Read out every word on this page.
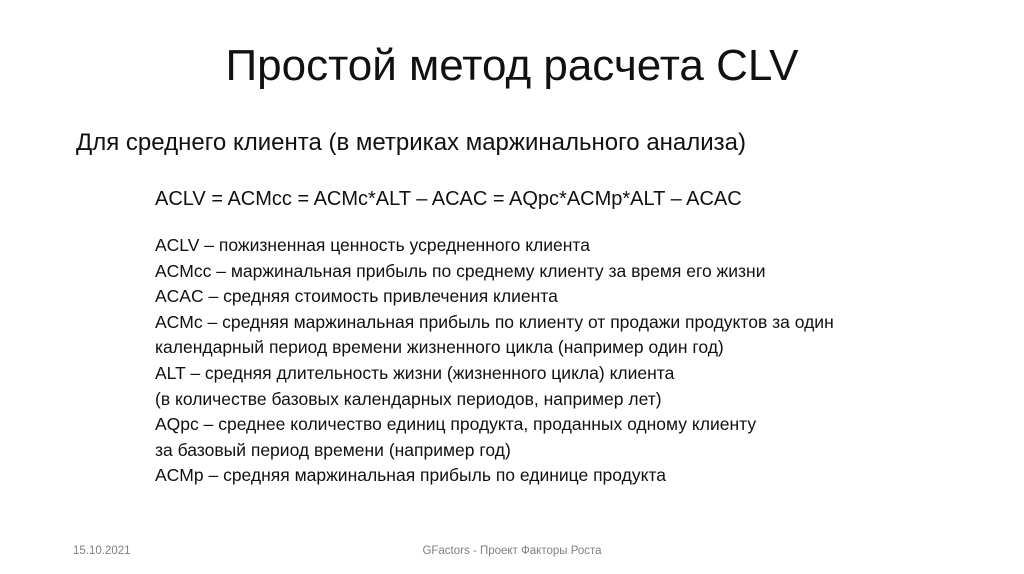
Простой метод расчета CLV
Для среднего клиента (в метриках маржинального анализа)
ACLV = ACMcc = ACMc*ALT – ACAC = AQpc*ACMp*ALT – ACAC
ACLV – пожизненная ценность усредненного клиента
ACMcc – маржинальная прибыль по среднему клиенту за время его жизни
ACAC – средняя стоимость привлечения клиента
ACMc – средняя маржинальная прибыль по клиенту от продажи продуктов за один
календарный период времени жизненного цикла (например один год)
ALT – средняя длительность жизни (жизненного цикла) клиента
(в количестве базовых календарных периодов, например лет)
AQpc – среднее количество единиц продукта, проданных одному клиенту
за базовый период времени (например год)
ACMp – средняя маржинальная прибыль по единице продукта
15.10.2021	GFactors - Проект Факторы Роста
